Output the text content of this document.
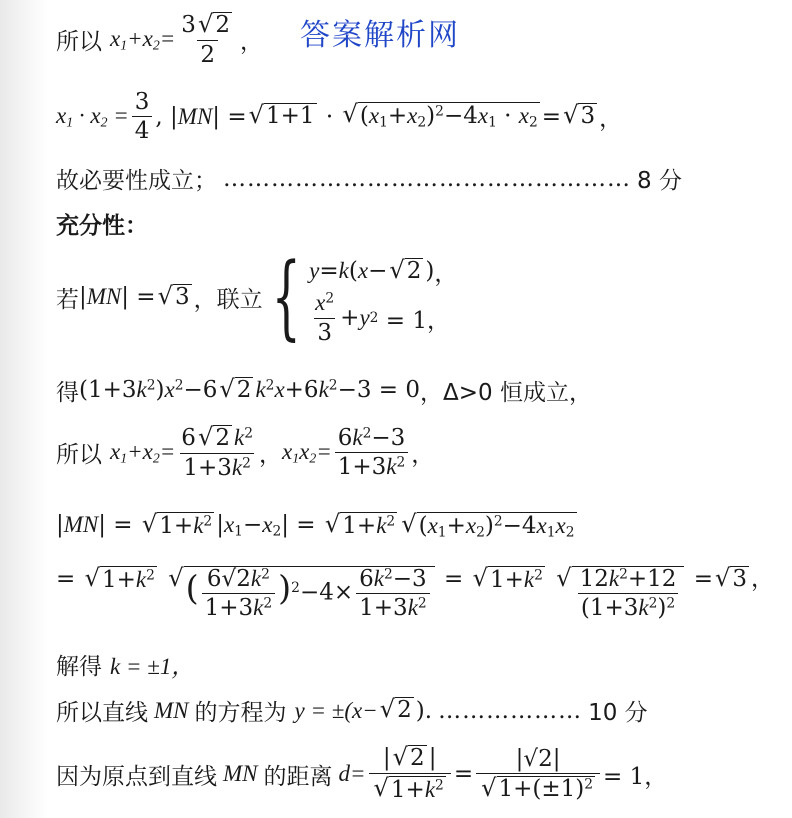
答案解析网
所以 $x_1+x_2= \frac{3 √ 2}{2}$ ，
$x_1 \cdot x_2 = \frac{3}{4}$ , |MN| = √ 1+1 · √ $(x_1+x_2)^2-4x_1 \cdot x_2$ = √ 3 ，
故必要性成立； …………………………………………… 8 分
充分性：
若 |MN| = √ 3 ，联立 { y = k ( x − √ 2 ) ，
$\frac{x^2}{3} + y$ 2
= 1，
得 $(1+3k^2)x^2-6$ √ 2 $k^2x+6k^2-3 = 0$ ，Δ>0 恒成立，
所以 $x_1+x_2= \frac{6 √ 2 k^2}{1+3k^2}$ ， $x_1x_2= \frac{6k^2-3}{1+3k^2}$ ，
|MN| = √ $1+k^2$ $|x_1-x_2|$ = √ $1+k^2$ √ $(x_1+x_2)^2-4x_1x_2$
= √ $1+k^2$
√ ( $\frac{6√2k^2}{1+3k^2} )^2-4\times \frac{6k^2-3}{1+3k^2}$ = √ $1+k^2$
√ $\frac{12k^2+12}{(1+3k^2)^2}$ = √ 3 ，
解得 k = ±1，
所以直线 MN 的方程为 y = ±(x− √ 2 ). ……………… 10 分
因为原点到直线 MN 的距离 $d= \frac{| √ 2 |}{√ 1+k^2} = \frac{|√2|}{√ 1+(\pm 1)^2} = 1$，
